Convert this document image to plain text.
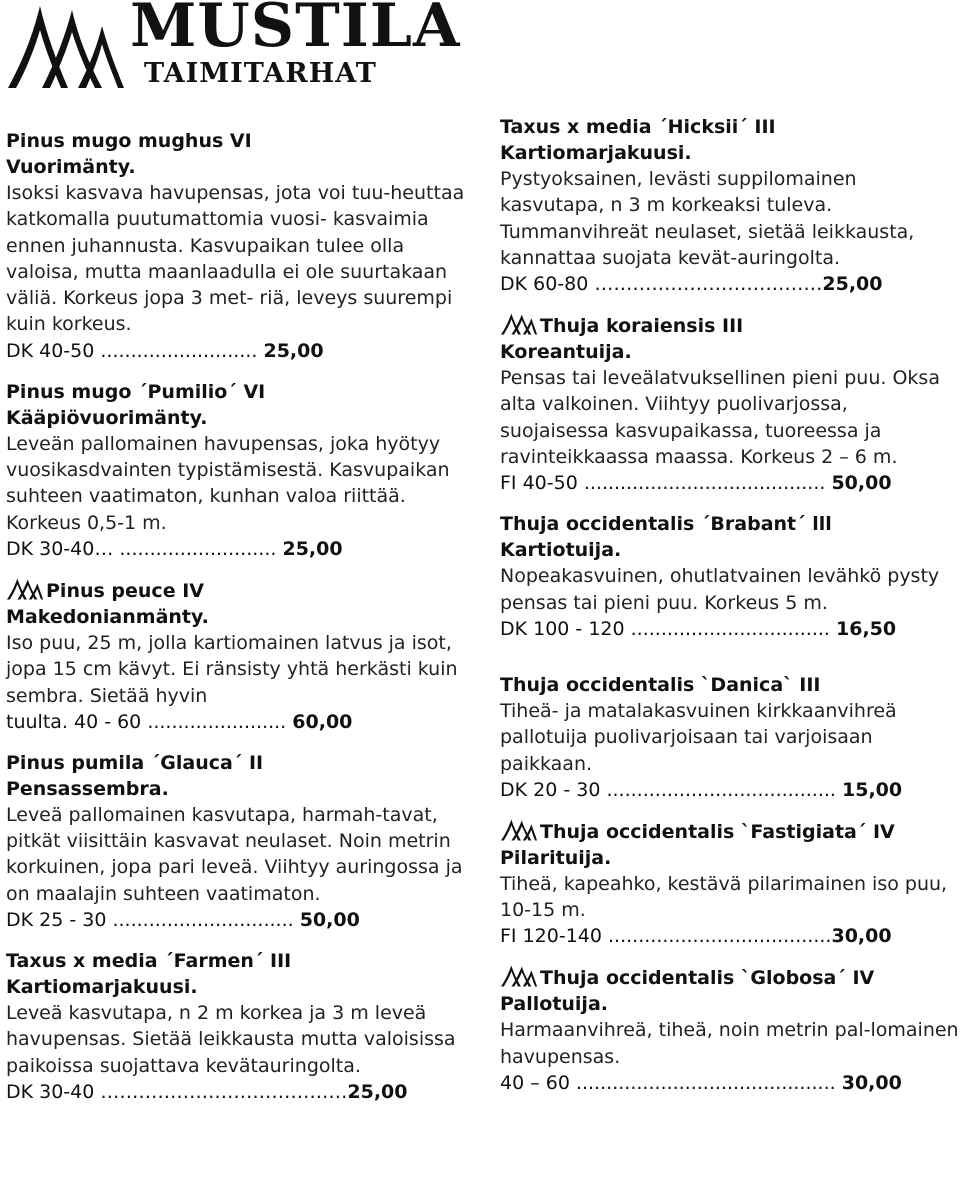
MUSTILA
TAIMITARHAT
Pinus mugo mughus VI
Vuorimänty.
Isoksi kasvava havupensas, jota voi tuu-heuttaa katkomalla puutumattomia vuosi- kasvaimia ennen juhannusta. Kasvupaikan tulee olla valoisa, mutta maanlaadulla ei ole suurtakaan väliä. Korkeus jopa 3 met- riä, leveys suurempi kuin korkeus.
DK 40-50 .......................... 25,00
Pinus mugo ´Pumilio´ VI
Kääpiövuorimänty.
Leveän pallomainen havupensas, joka hyötyy vuosikasdvainten typistämisestä. Kasvupaikan suhteen vaatimaton, kunhan valoa riittää. Korkeus 0,5-1 m.
DK 30-40… .......................... 25,00
Pinus peuce IV
Makedonianmänty.
Iso puu, 25 m, jolla kartiomainen latvus ja isot, jopa 15 cm kävyt. Ei ränsisty yhtä herkästi kuin sembra. Sietää hyvin
tuulta. 40 - 60 ....................... 60,00
Pinus pumila ´Glauca´ II
Pensassembra.
Leveä pallomainen kasvutapa, harmah-tavat, pitkät viisittäin kasvavat neulaset. Noin metrin korkuinen, jopa pari leveä. Viihtyy auringossa ja on maalajin suhteen vaatimaton.
DK 25 - 30 .............................. 50,00
Taxus x media ´Farmen´ III
Kartiomarjakuusi.
Leveä kasvutapa, n 2 m korkea ja 3 m leveä havupensas. Sietää leikkausta mutta valoisissa paikoissa suojattava kevätauringolta.
DK 30-40 …………………………………25,00
Taxus x media ´Hicksii´ III
Kartiomarjakuusi.
Pystyoksainen, levästi suppilomainen kasvutapa, n 3 m korkeaksi tuleva. Tummanvihreät neulaset, sietää leikkausta, kannattaa suojata kevät-auringolta.
DK 60-80 ………………………………25,00
Thuja koraiensis III
Koreantuija.
Pensas tai leveälatvuksellinen pieni puu. Oksa alta valkoinen. Viihtyy puolivarjossa, suojaisessa kasvupaikassa, tuoreessa ja ravinteikkaassa maassa. Korkeus 2 – 6 m.
FI 40-50 ........................................ 50,00
Thuja occidentalis ´Brabant´ lll
Kartiotuija.
Nopeakasvuinen, ohutlatvainen levähkö pysty pensas tai pieni puu. Korkeus 5 m.
DK 100 - 120 ................................. 16,50
Thuja occidentalis `Danica` III
Tiheä- ja matalakasvuinen kirkkaanvihreä pallotuija puolivarjoisaan tai varjoisaan paikkaan.
DK 20 - 30 ...................................... 15,00
Thuja occidentalis `Fastigiata´ IV
Pilarituija.
Tiheä, kapeahko, kestävä pilarimainen iso puu, 10-15 m.
FI 120-140 .....................................30,00
Thuja occidentalis `Globosa´ IV
Pallotuija.
Harmaanvihreä, tiheä, noin metrin pal-lomainen havupensas.
40 – 60 ........................................... 30,00
